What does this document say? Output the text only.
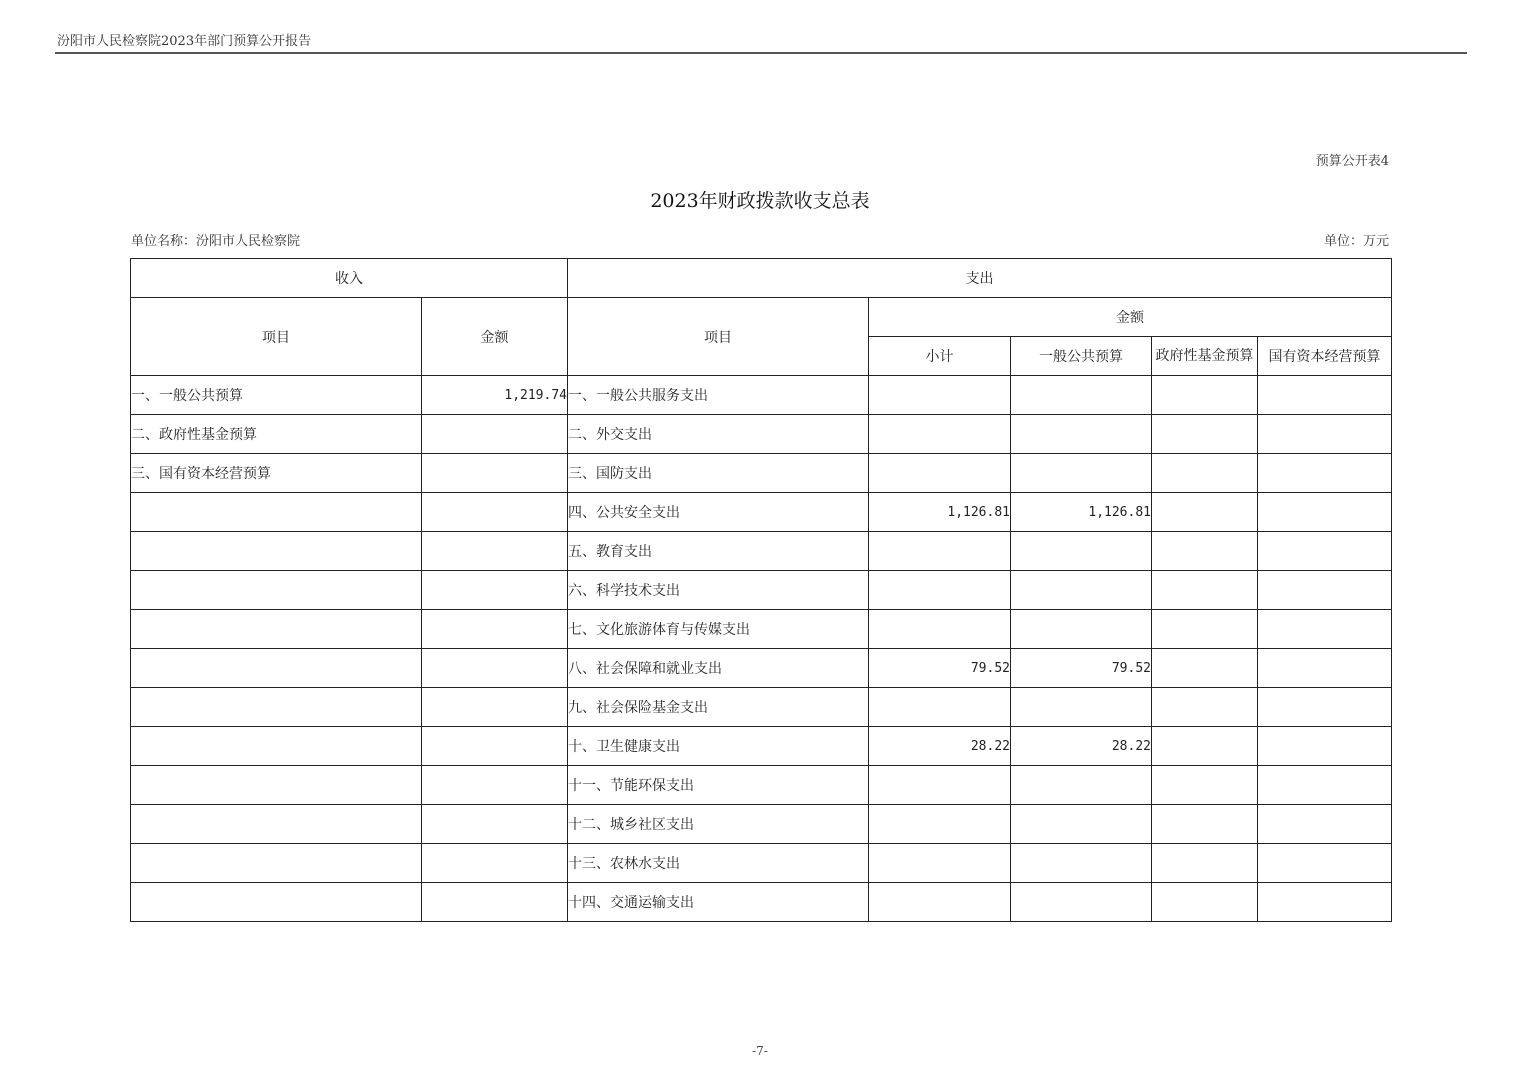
汾阳市人民检察院2023年部门预算公开报告
预算公开表4
2023年财政拨款收支总表
单位名称：汾阳市人民检察院	单位：万元
收入		支出				
项目	金额	项目	金额			
			小计	一般公共预算	政府性基金预算	国有资本经营预算
一、一般公共预算	1,219.74	一、一般公共服务支出				
二、政府性基金预算		二、外交支出				
三、国有资本经营预算		三、国防支出				
		四、公共安全支出	1,126.81	1,126.81		
		五、教育支出				
		六、科学技术支出				
		七、文化旅游体育与传媒支出				
		八、社会保障和就业支出	79.52	79.52		
		九、社会保险基金支出				
		十、卫生健康支出	28.22	28.22		
		十一、节能环保支出				
		十二、城乡社区支出				
		十三、农林水支出				
		十四、交通运输支出				
-7-
